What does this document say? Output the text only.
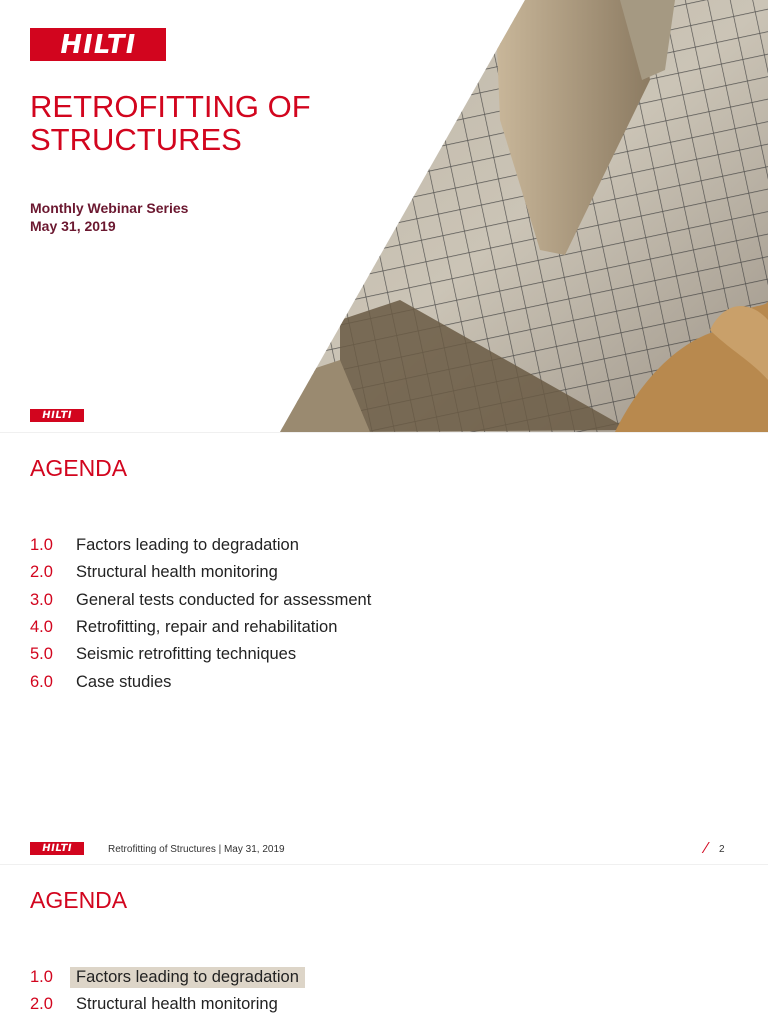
HILTI
RETROFITTING OF STRUCTURES
Monthly Webinar Series
May 31, 2019
HILTI
AGENDA
1.0	Factors leading to degradation
2.0	Structural health monitoring
3.0	General tests conducted for assessment
4.0	Retrofitting, repair and rehabilitation
5.0	Seismic retrofitting techniques
6.0	Case studies
HILTI	Retrofitting of Structures | May 31, 2019	⁄ 2
AGENDA
1.0	Factors leading to degradation
2.0	Structural health monitoring
